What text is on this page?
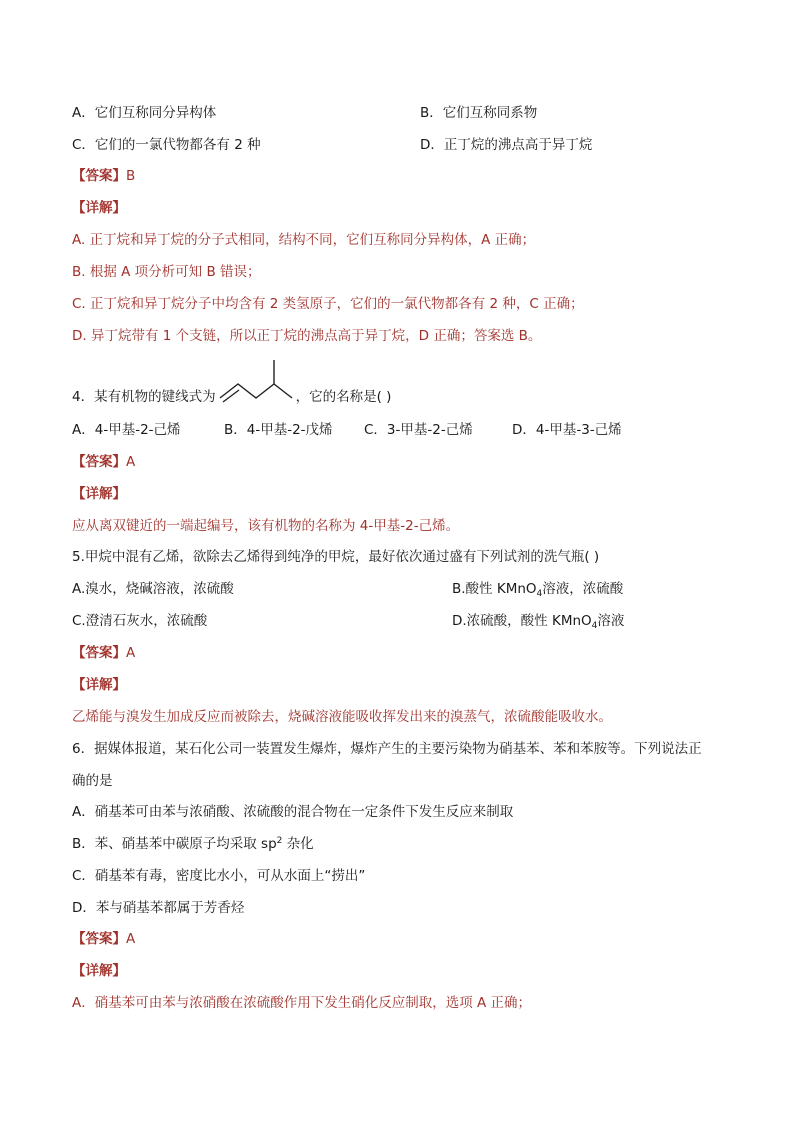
A．它们互称同分异构体	B．它们互称同系物
C．它们的一氯代物都各有 2 种	D．正丁烷的沸点高于异丁烷
【答案】B
【详解】
A. 正丁烷和异丁烷的分子式相同，结构不同，它们互称同分异构体，A 正确；
B. 根据 A 项分析可知 B 错误；
C. 正丁烷和异丁烷分子中均含有 2 类氢原子，它们的一氯代物都各有 2 种，C 正确；
D. 异丁烷带有 1 个支链，所以正丁烷的沸点高于异丁烷，D 正确；答案选 B。
4．某有机物的键线式为	，它的名称是( )
A．4-甲基-2-己烯	B．4-甲基-2-戊烯 C．3-甲基-2-己烯	D．4-甲基-3-己烯
【答案】A
【详解】
应从离双键近的一端起编号，该有机物的名称为 4-甲基-2-己烯。
5.甲烷中混有乙烯，欲除去乙烯得到纯净的甲烷，最好依次通过盛有下列试剂的洗气瓶( )
A.溴水，烧碱溶液，浓硫酸	B.酸性 KMnO$_4$溶液，浓硫酸
C.澄清石灰水，浓硫酸	D.浓硫酸，酸性 KMnO$_4$溶液
【答案】A
【详解】
乙烯能与溴发生加成反应而被除去，烧碱溶液能吸收挥发出来的溴蒸气，浓硫酸能吸收水。
6．据媒体报道，某石化公司一装置发生爆炸，爆炸产生的主要污染物为硝基苯、苯和苯胺等。下列说法正
确的是
A．硝基苯可由苯与浓硝酸、浓硫酸的混合物在一定条件下发生反应来制取
B．苯、硝基苯中碳原子均采取 $sp^2$ 杂化
C．硝基苯有毒，密度比水小，可从水面上“捞出”
D．苯与硝基苯都属于芳香烃
【答案】A
【详解】
A．硝基苯可由苯与浓硝酸在浓硫酸作用下发生硝化反应制取，选项 A 正确；
